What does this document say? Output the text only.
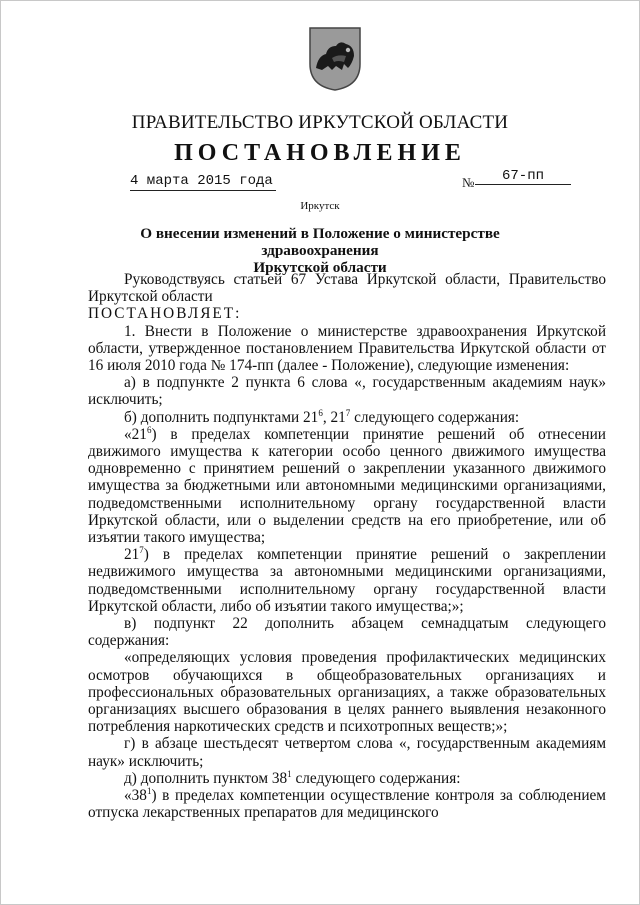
ПРАВИТЕЛЬСТВО ИРКУТСКОЙ ОБЛАСТИ
ПОСТАНОВЛЕНИЕ
4 марта 2015 года	№	67-пп
Иркутск
О внесении изменений в Положение о министерстве здравоохранения
Иркутской области

Руководствуясь статьей 67 Устава Иркутской области, Правительство Иркутской области

ПОСТАНОВЛЯЕТ:

1. Внести в Положение о министерстве здравоохранения Иркутской области, утвержденное постановлением Правительства Иркутской области от 16 июля 2010 года № 174-пп (далее - Положение), следующие изменения:

а) в подпункте 2 пункта 6 слова «, государственным академиям наук» исключить;

б) дополнить подпунктами $21^6$, $21^7$ следующего содержания:

«$21^6$) в пределах компетенции принятие решений об отнесении движимого имущества к категории особо ценного движимого имущества одновременно с принятием решений о закреплении указанного движимого имущества за бюджетными или автономными медицинскими организациями, подведомственными исполнительному органу государственной власти Иркутской области, или о выделении средств на его приобретение, или об изъятии такого имущества;

$21^7$) в пределах компетенции принятие решений о закреплении недвижимого имущества за автономными медицинскими организациями, подведомственными исполнительному органу государственной власти Иркутской области, либо об изъятии такого имущества;»;

в) подпункт 22 дополнить абзацем семнадцатым следующего содержания:

«определяющих условия проведения профилактических медицинских осмотров обучающихся в общеобразовательных организациях и профессиональных образовательных организациях, а также образовательных организациях высшего образования в целях раннего выявления незаконного потребления наркотических средств и психотропных веществ;»;

г) в абзаце шестьдесят четвертом слова «, государственным академиям наук» исключить;

д) дополнить пунктом $38^1$ следующего содержания:

«$38^1$) в пределах компетенции осуществление контроля за соблюдением отпуска лекарственных препаратов для медицинского
